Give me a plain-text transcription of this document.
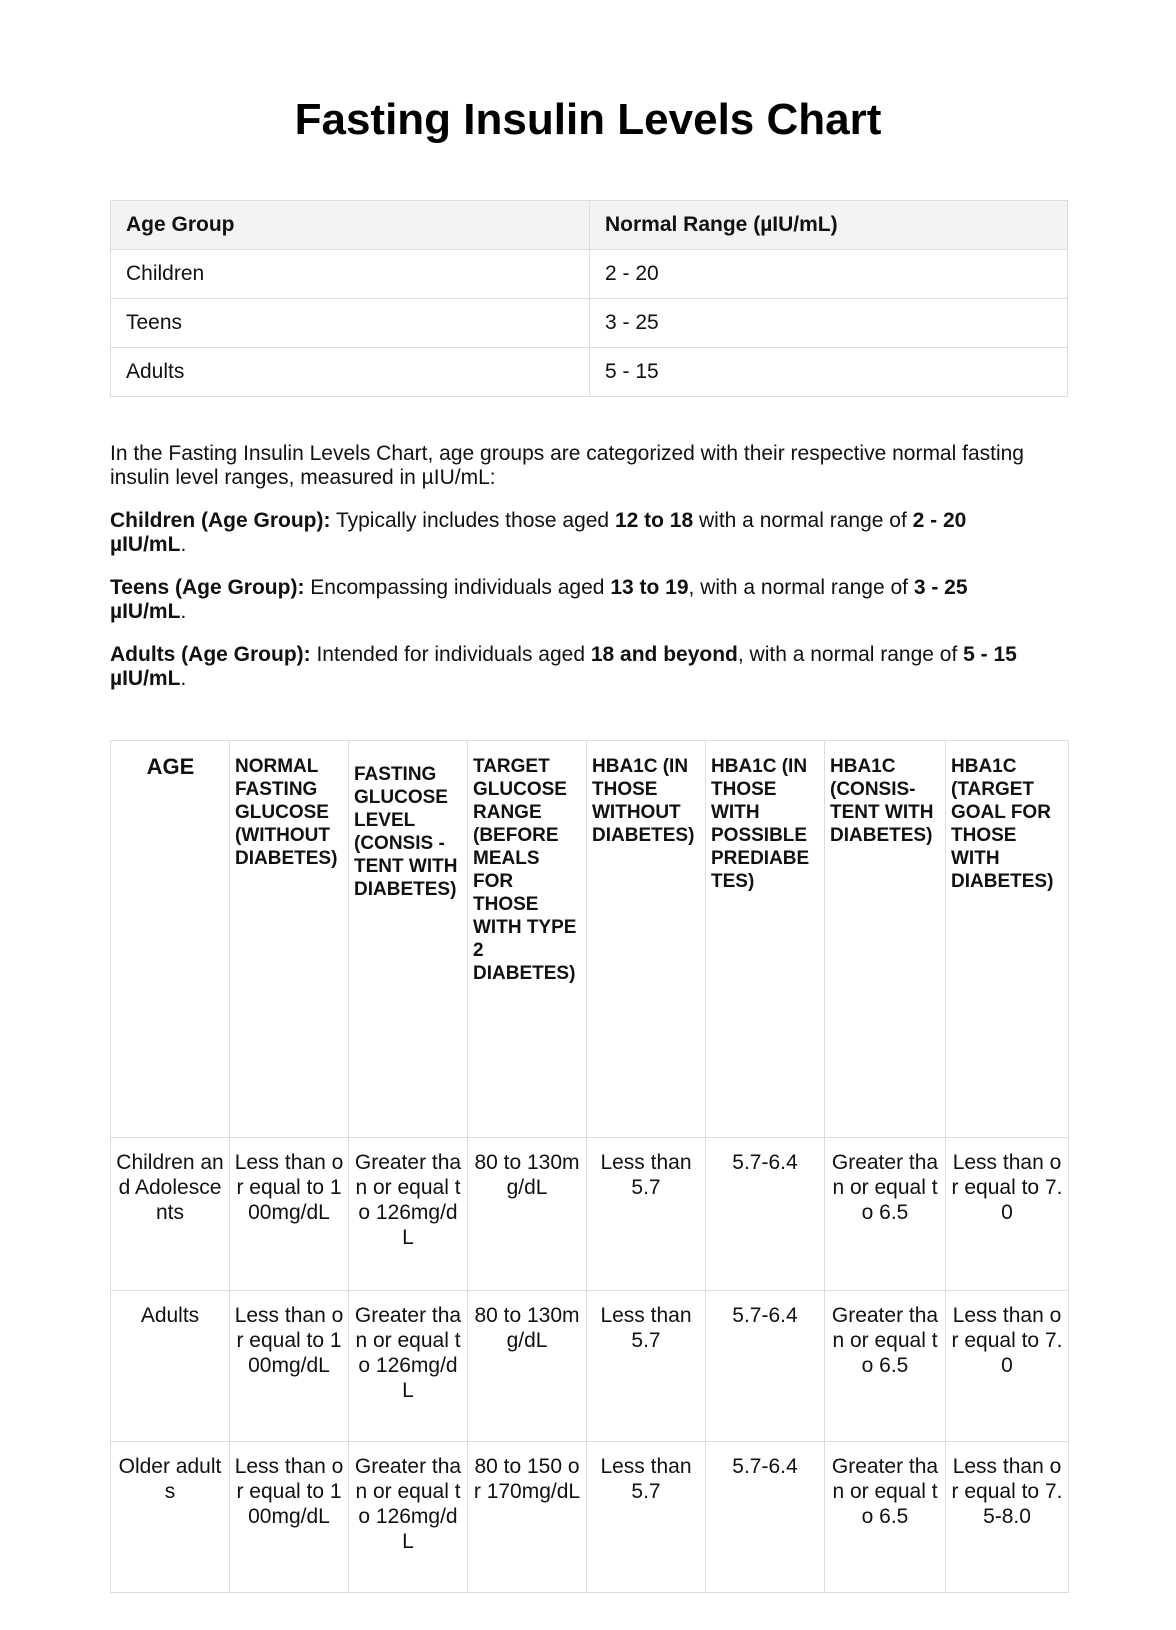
Fasting Insulin Levels Chart
Age Group	Normal Range (µIU/mL)
Children	2 - 20
Teens	3 - 25
Adults	5 - 15

In the Fasting Insulin Levels Chart, age groups are categorized with their respective normal fasting insulin level ranges, measured in µIU/mL:

Children (Age Group): Typically includes those aged 12 to 18 with a normal range of 2 - 20 µIU/mL.

Teens (Age Group): Encompassing individuals aged 13 to 19, with a normal range of 3 - 25 µIU/mL.

Adults (Age Group): Intended for individuals aged 18 and beyond, with a normal range of 5 - 15 µIU/mL.

AGE	NORMAL FASTING GLUCOSE (WITHOUT DIABETES)	FASTING GLUCOSE LEVEL (CONSIS -TENT WITH DIABETES)	TARGET GLUCOSE RANGE (BEFORE MEALS FOR THOSE WITH TYPE 2 DIABETES)	HBA1C (IN THOSE WITHOUT DIABETES)	HBA1C (IN THOSE WITH POSSIBLE PREDIABE TES)	HBA1C (CONSIS- TENT WITH DIABETES)	HBA1C (TARGET GOAL FOR THOSE WITH DIABETES)
Children and Adolescents	Less than or equal to 100mg/dL	Greater than or equal to 126mg/dL	80 to 130mg/dL	Less than 5.7	5.7-6.4	Greater than or equal to 6.5	Less than or equal to 7.0
Adults	Less than or equal to 100mg/dL	Greater than or equal to 126mg/dL	80 to 130mg/dL	Less than 5.7	5.7-6.4	Greater than or equal to 6.5	Less than or equal to 7.0
Older adults	Less than or equal to 100mg/dL	Greater than or equal to 126mg/dL	80 to 150 or 170mg/dL	Less than 5.7	5.7-6.4	Greater than or equal to 6.5	Less than or equal to 7.5-8.0
